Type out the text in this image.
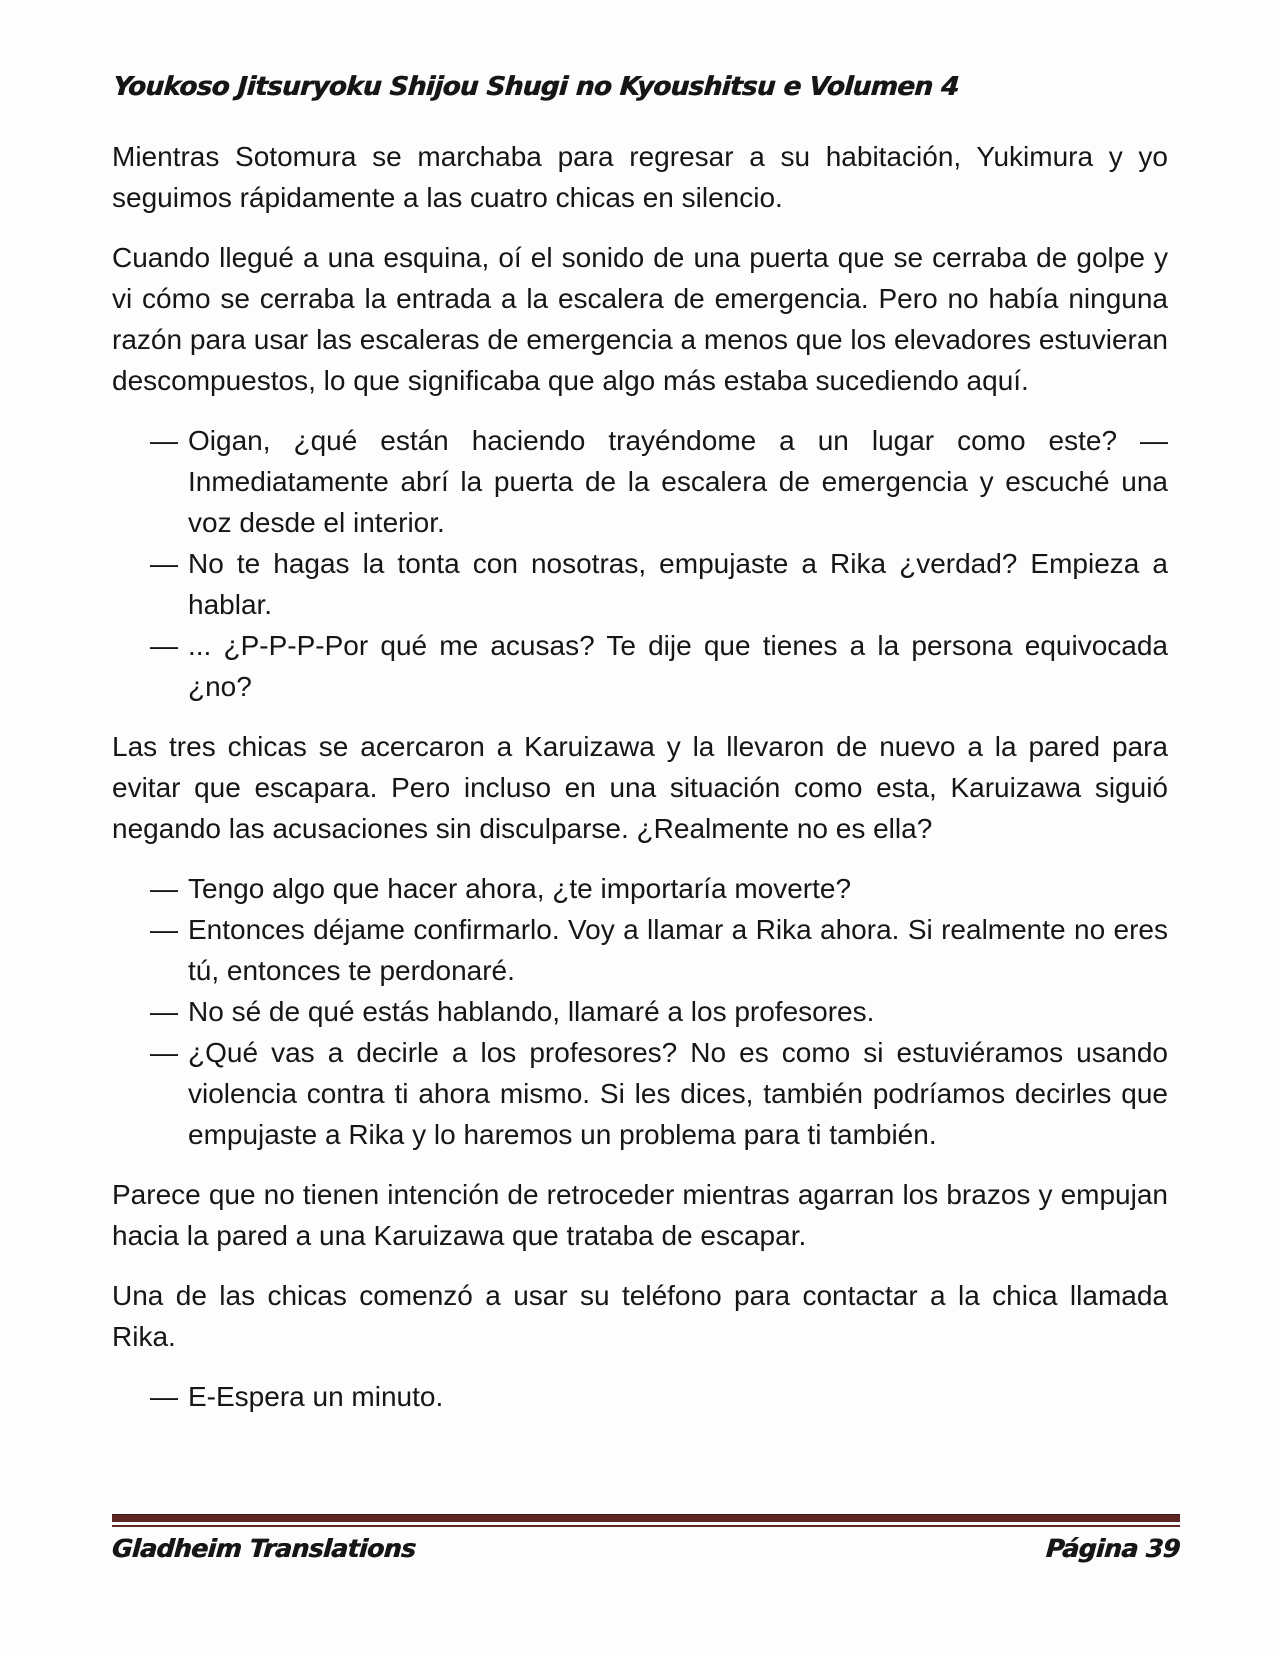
Youkoso Jitsuryoku Shijou Shugi no Kyoushitsu e Volumen 4

Mientras Sotomura se marchaba para regresar a su habitación, Yukimura y yo seguimos rápidamente a las cuatro chicas en silencio.

Cuando llegué a una esquina, oí el sonido de una puerta que se cerraba de golpe y vi cómo se cerraba la entrada a la escalera de emergencia. Pero no había ninguna razón para usar las escaleras de emergencia a menos que los elevadores estuvieran descompuestos, lo que significaba que algo más estaba sucediendo aquí.

— Oigan, ¿qué están haciendo trayéndome a un lugar como este? — Inmediatamente abrí la puerta de la escalera de emergencia y escuché una voz desde el interior.
— No te hagas la tonta con nosotras, empujaste a Rika ¿verdad? Empieza a hablar.
— ... ¿P-P-P-Por qué me acusas? Te dije que tienes a la persona equivocada ¿no?

Las tres chicas se acercaron a Karuizawa y la llevaron de nuevo a la pared para evitar que escapara. Pero incluso en una situación como esta, Karuizawa siguió negando las acusaciones sin disculparse. ¿Realmente no es ella?

— Tengo algo que hacer ahora, ¿te importaría moverte?
— Entonces déjame confirmarlo. Voy a llamar a Rika ahora. Si realmente no eres tú, entonces te perdonaré.
— No sé de qué estás hablando, llamaré a los profesores.
— ¿Qué vas a decirle a los profesores? No es como si estuviéramos usando violencia contra ti ahora mismo. Si les dices, también podríamos decirles que empujaste a Rika y lo haremos un problema para ti también.

Parece que no tienen intención de retroceder mientras agarran los brazos y empujan hacia la pared a una Karuizawa que trataba de escapar.

Una de las chicas comenzó a usar su teléfono para contactar a la chica llamada Rika.

— E-Espera un minuto.
Gladheim Translations	Página 39
